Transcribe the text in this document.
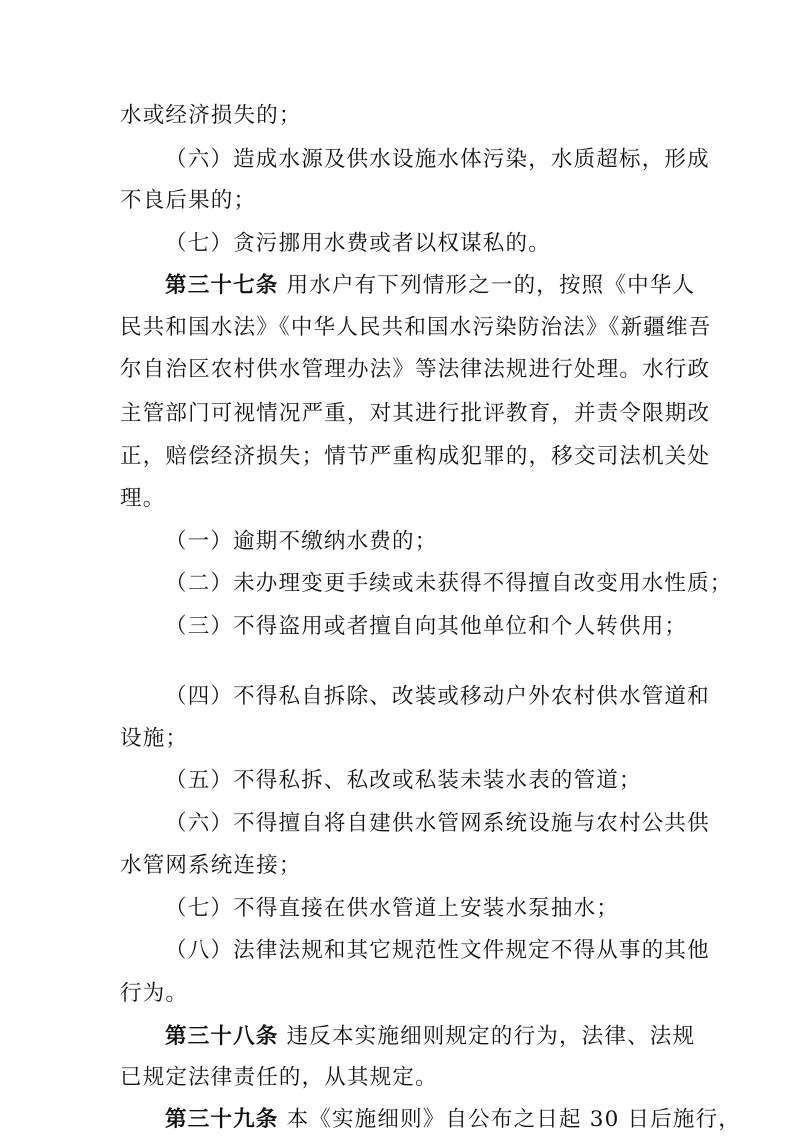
水或经济损失的；
（六）造成水源及供水设施水体污染，水质超标，形成
不良后果的；
（七）贪污挪用水费或者以权谋私的。
第三十七条 用水户有下列情形之一的，按照《中华人
民共和国水法》《中华人民共和国水污染防治法》《新疆维吾
尔自治区农村供水管理办法》等法律法规进行处理。水行政
主管部门可视情况严重，对其进行批评教育，并责令限期改
正，赔偿经济损失；情节严重构成犯罪的，移交司法机关处
理。
（一）逾期不缴纳水费的；
（二）未办理变更手续或未获得不得擅自改变用水性质；
（三）不得盗用或者擅自向其他单位和个人转供用；
（四）不得私自拆除、改装或移动户外农村供水管道和
设施；
（五）不得私拆、私改或私装未装水表的管道；
（六）不得擅自将自建供水管网系统设施与农村公共供
水管网系统连接；
（七）不得直接在供水管道上安装水泵抽水；
（八）法律法规和其它规范性文件规定不得从事的其他
行为。
第三十八条 违反本实施细则规定的行为，法律、法规
已规定法律责任的，从其规定。
第三十九条 本《实施细则》自公布之日起 30 日后施行，
